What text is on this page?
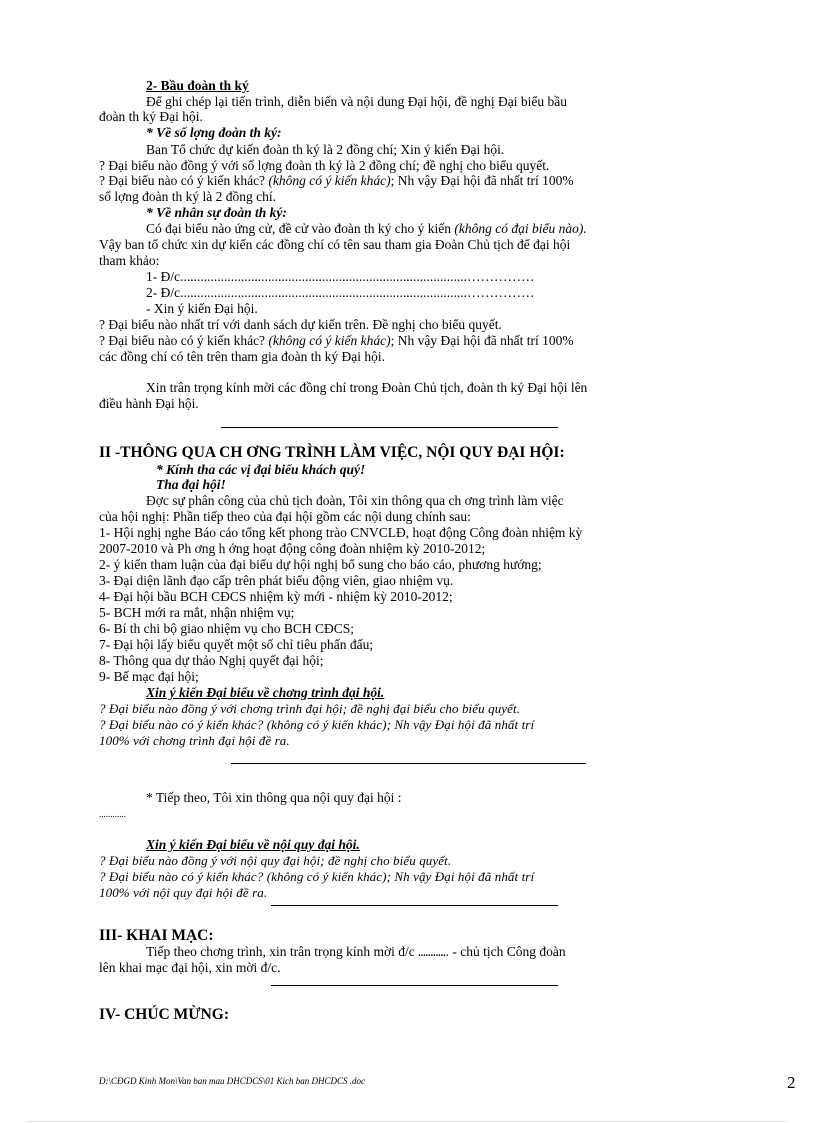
2- Bầu đoàn th ký
Để ghi chép lại tiến trình, diễn biến và nội dung Đại hội, đề nghị Đại biểu bầu
đoàn th ký Đại hội.
* Về số lợng đoàn th ký:
Ban Tổ chức dự kiến đoàn th ký là 2 đồng chí; Xin ý kiến Đại hội.
? Đại biểu nào đồng ý với số lợng đoàn th ký là 2 đồng chí; đề nghị cho biểu quyết.
? Đại biểu nào có ý kiến khác? (không có ý kiến khác); Nh vậy Đại hội đã nhất trí 100%
số lợng đoàn th ký là 2 đồng chí.
* Về nhân sự đoàn th ký:
Có đại biểu nào ứng cử, đề cử vào đoàn th ký cho ý kiến (không có đại biểu nào).
Vậy ban tổ chức xin dự kiến các đồng chí có tên sau tham gia Đoàn Chủ tịch để đại hội
tham khảo:
1- Đ/c.....................................................................................……………
2- Đ/c.....................................................................................……………
- Xin ý kiến Đại hội.
? Đại biểu nào nhất trí với danh sách dự kiến trên. Đề nghị cho biểu quyết.
? Đại biểu nào có ý kiến khác? (không có ý kiến khác); Nh vậy Đại hội đã nhất trí 100%
các đồng chí có tên trên tham gia đoàn th ký Đại hội.
Xin trân trọng kính mời các đồng chí trong Đoàn Chủ tịch, đoàn th ký Đại hội lên
điều hành Đại hội.
II -THÔNG QUA CH ƠNG TRÌNH LÀM VIỆC, NỘI QUY ĐẠI HỘI:
* Kính tha các vị đại biểu khách quý!
Tha đại hội!
Đợc sự phân công của chủ tịch đoàn, Tôi xin thông qua ch ơng trình làm việc
của hội nghị: Phần tiếp theo của đại hội gồm các nội dung chính sau:
1- Hội nghị nghe Báo cáo tổng kết phong trào CNVCLĐ, hoạt động Công đoàn nhiệm kỳ
2007-2010 và Ph ơng h ớng hoạt động công đoàn nhiệm kỳ 2010-2012;
2- ý kiến tham luận của đại biểu dự hội nghị bổ sung cho báo cáo, phương hướng;
3- Đại diện lãnh đạo cấp trên phát biểu động viên, giao nhiệm vụ.
4- Đại hội bầu BCH CĐCS nhiệm kỳ mới - nhiệm kỳ 2010-2012;
5- BCH mới ra mắt, nhận nhiệm vụ;
6- Bí th chi bộ giao nhiệm vụ cho BCH CĐCS;
7- Đại hội lấy biểu quyết một số chỉ tiêu phấn đấu;
8- Thông qua dự thảo Nghị quyết đại hội;
9- Bế mạc đại hội;
Xin ý kiến Đại biểu về chơng trình đại hội.
? Đại biểu nào đồng ý với chơng trình đại hội; đề nghị đại biểu cho biểu quyết.
? Đại biểu nào có ý kiến khác? (không có ý kiến khác); Nh vậy Đại hội đã nhất trí
100% với chơng trình đại hội đề ra.
* Tiếp theo, Tôi xin thông qua nội quy đại hội :
............
Xin ý kiến Đại biểu về nội quy đại hội.
? Đại biểu nào đồng ý với nội quy đại hội; đề nghị cho biểu quyết.
? Đại biểu nào có ý kiến khác? (không có ý kiến khác); Nh vậy Đại hội đã nhất trí
100% với nội quy đại hội đề ra.
III- KHAI MẠC:
Tiếp theo chơng trình, xin trân trọng kính mời đ/c ............ - chủ tịch Công đoàn
lên khai mạc đại hội, xin mời đ/c.
IV- CHÚC MỪNG:
D:\CĐGD Kinh Mon\Van ban mau DHCDCS\01 Kich ban DHCDCS .doc	2
